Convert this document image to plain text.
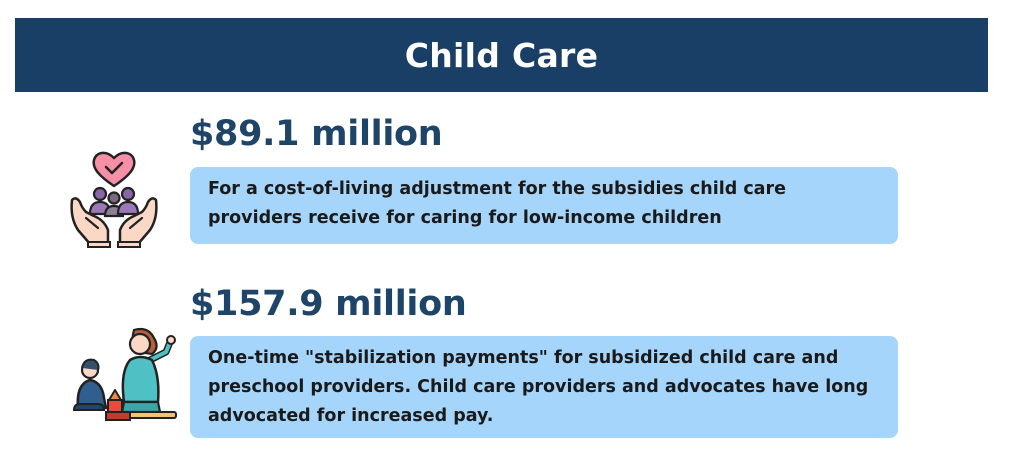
Child Care
$89.1 million
For a cost-of-living adjustment for the subsidies child care providers receive for caring for low-income children
$157.9 million
One-time "stabilization payments" for subsidized child care and preschool providers. Child care providers and advocates have long advocated for increased pay.
